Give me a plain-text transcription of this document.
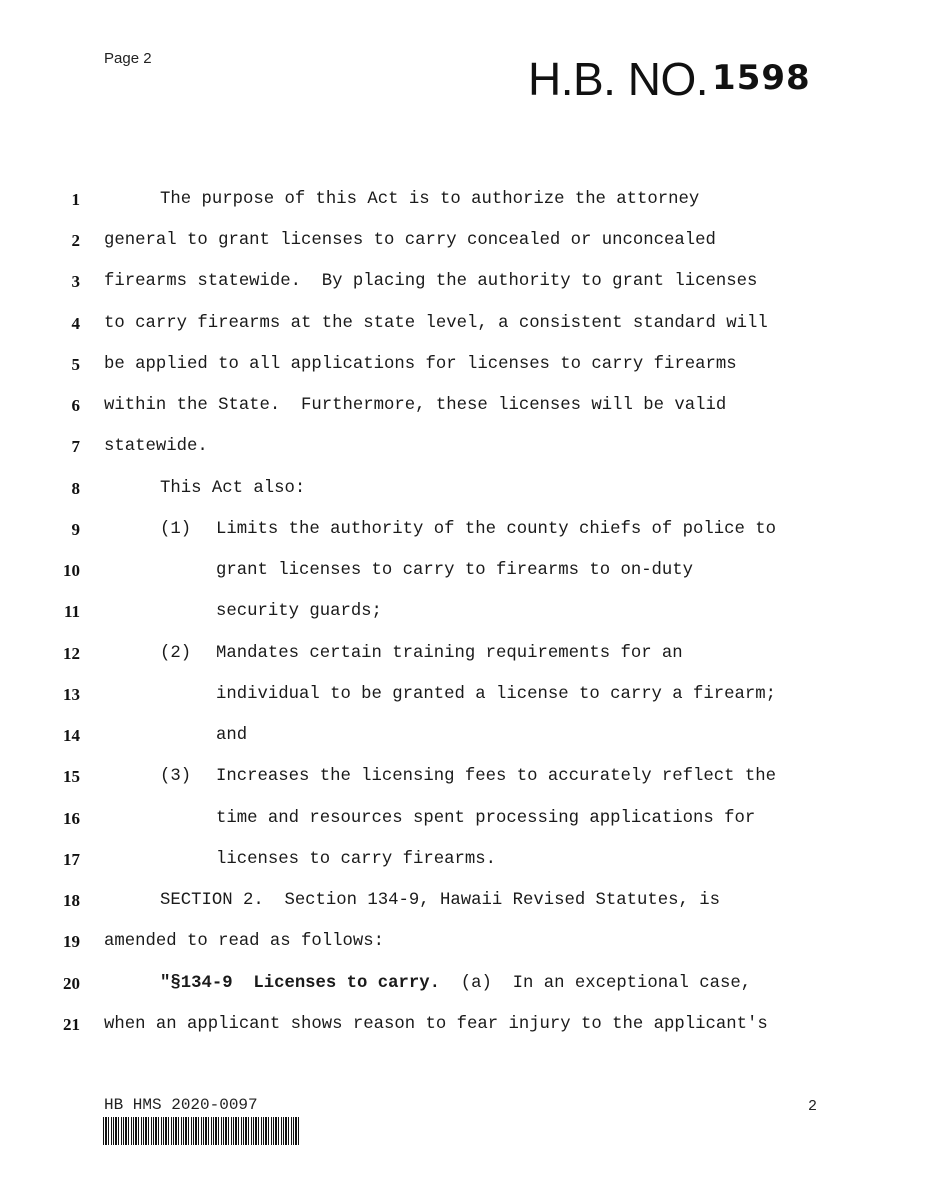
Page 2	H.B. NO. 1598
1	The purpose of this Act is to authorize the attorney
2 general to grant licenses to carry concealed or unconcealed
3 firearms statewide.  By placing the authority to grant licenses
4 to carry firearms at the state level, a consistent standard will
5 be applied to all applications for licenses to carry firearms
6 within the State.  Furthermore, these licenses will be valid
7 statewide.
8	This Act also:
9	(1) Limits the authority of the county chiefs of police to
10	grant licenses to carry to firearms to on-duty
11	security guards;
12	(2) Mandates certain training requirements for an
13	individual to be granted a license to carry a firearm;
14	and
15	(3) Increases the licensing fees to accurately reflect the
16	time and resources spent processing applications for
17	licenses to carry firearms.
18	SECTION 2.  Section 134-9, Hawaii Revised Statutes, is
19 amended to read as follows:
20	"§134-9  Licenses to carry.  (a)  In an exceptional case,
21 when an applicant shows reason to fear injury to the applicant's
HB HMS 2020-0097	2
